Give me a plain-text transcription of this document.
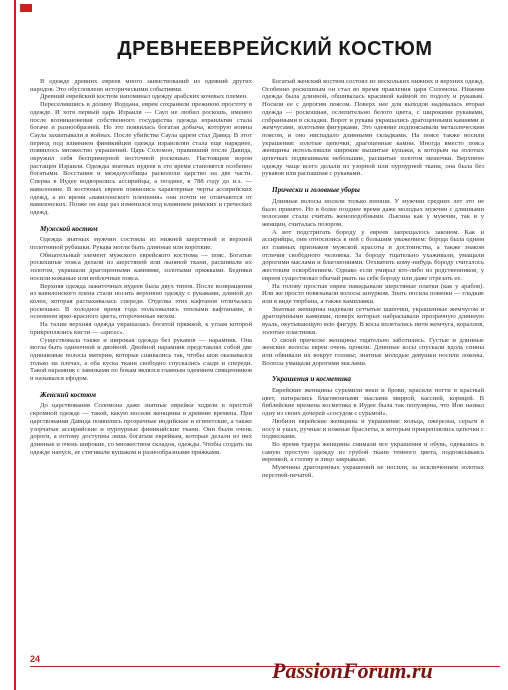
ДРЕВНЕЕВРЕЙСКИЙ КОСТЮМ

В одежде древних евреев много заимствований из одеяний других народов. Это обусловлено историческими событиями.

Древний еврейский костюм напоминал одежду арабских кочевых племен.

Переселившись в долину Иордана, евреи сохранили прежнюю простоту в одежде. И хотя первый царь Израиля — Саул не любил роскошь, именно после возникновения собственного государства одежда израильтян стала богаче и разнообразней. Но это появилась богатая добыча, которую воины Саула захватывали в войнах. После убийства Саула царем стал Давид. В этот период под влиянием финикийцев одежда израильтян стала еще наряднее, появилось множество украшений. Царь Соломон, правивший после Давида, окружил себя беспримерной восточной роскошью. Настоящим вором растащен Израиля. Одежды знатных иудеев в это время становятся особенно богатыми. Восстания и междоусобицы раскололи царство на две части. Сперва в Иудее водворились ассирийцы, а позднее, в 788 году до н.э. — вавилоняне. В костюмах евреев появились характерные черты ассирийских одежд, а во время «вавилонского пленения» они почти не отличаются от вавилонских. Позже он еще раз изменился под влиянием римских и греческих одежд.

Мужской костюм

Одежда знатных мужчин состояла из нижней шерстяной и верхней полотняной рубашки. Рукава могли быть длинные или короткие.

Обязательный элемент мужского еврейского костюма — пояс. Богатые роскошные пояса делали из шерстяной или льняной ткани, расшивали их золотом, украшали драгоценными камнями, золотыми пряжками. Бедняки носили кожаные или войлочные пояса.

Верхняя одежда зажиточных иудеев была двух типов. После возвращения из вавилонского плена стали носить верхнюю одежду с рукавами, длиной до колен, которая распахивалась спереди. Отделка этих кафтанов отличалась роскошью. В холодное время года пользовались теплыми кафтанами, в основном ярко-красного цвета, отороченные мехом.

На талии верхняя одежда украшалась богатой пряжкой, к углам которой прикреплялись кисти — «цисес».

Существовала также и широкая одежда без рукавов — нарамник. Она могла быть одиночной и двойной. Двойной нарамник представлял собой две одинаковые полосы материи, которые сшивались так, чтобы шов оказывался только на плечах, а оба куска ткани свободно спускались сзади и спереди. Такой нарамник с завязками по бокам являлся главным одеянием священников и назывался ефодом.

Женский костюм

До царствования Соломона даже знатные еврейки ходили в простой скромной одежде — такой, какую носили женщины в древние времена. При царствовании Давида появились прозрачные индийские и египетские, а также узорчатые ассирийские и пурпурные финикийские ткани. Они были очень дороги, а потому доступны лишь богатым еврейкам, которые делали из них длинные и очень широкие, со множеством складок, одежды. Чтобы создать на одежде напуск, ее стягивали кушаком и разнообразными пряжками.

Богатый женский костюм состоял из нескольких нижних и верхних одежд. Особенно роскошным он стал во время правления царя Соломона. Нижняя одежда была длинной, обшивалась красивой каймой по подолу и рукавам. Носили ее с дорогим поясом. Поверх нее для выходов надевалась вторая одежда — роскошная, ослепительно белого цвета, с широкими рукавами, собранными в складки. Ворот и рукава украшались драгоценными камнями и жемчугами, золотыми фигурками. Это одеяние подпоясывали металлическим поясом, и оно ниспадало длинными складками. На поясе также носили украшения: золотые цепочки, драгоценные камни. Иногда вместо пояса женщины использовали широкие вышитые кушаки, к которым на золотых цепочках подвешивали небольшие, расшитые золотом мешочки. Верхнюю одежду чаще всего делали из узорной или пурпурной ткани, она была без рукавов или распашная с рукавами.

Прически и головные уборы

Длинные волосы носили только юноши. У мужчин средних лет это не было принято. Но в более позднее время даже молодых мужчин с длинными волосами стали считать женоподобными. Лысина как у мужчин, так и у женщин, считалась позором.

А вот подстригать бороду у евреев запрещалось законом. Как и ассирийцы, они относились к ней с большим уважением: борода была одним из главных признаков мужской красоты и достоинства, а также знаком отличия свободного человека. За бороду тщательно ухаживали, умащали дорогими маслами и благовониями. Отхватить кому-нибудь бороду считалось жестоким оскорблением. Однако если умирал кто-либо из родственников, у евреев существовал обычай рвать на себе бороду или даже отрезать ее.

На голову простые евреи накидывали шерстяные платки (как у арабов). Или же просто повязывали волосы шнурком. Знать носила повязки — гладкие или в виде тюрбана, а также камилавки.

Знатные женщины надевали сетчатые шапочки, украшенные жемчугом и драгоценными камнями, поверх которых набрасывали прозрачную длинную вуаль, окутывающую всю фигуру. В косы вплетались нити жемчуга, кораллов, золотые пластинки.

О своей прическе женщины тщательно заботились. Густые и длинные женские волосы евреи очень ценили. Длинные косы спускали вдоль спины или обвивали их вокруг головы; знатные молодые девушки носили локоны. Волосы умащали дорогими маслами.

Украшения и косметика

Еврейские женщины сурьмили веки и брови, красили ногти в красный цвет, натирались благовонными маслами миррой, кассией, корицей. В библейские времена косметика в Иудее была так популярна, что Иов назвал одну из своих дочерей «сосудом с сурьмой».

Любили еврейские женщины и украшения: кольца, ожерелья, серьги в носу и ушах, ручные и ножные браслеты, к которым прикреплялись цепочки с подвесками.

Во время траура женщины снимали все украшения и обувь, одевались в самую простую одежду из грубой ткани темного цвета, подпоясываясь веревкой, а голову и лицо закрывали.

Мужчины драгоценных украшений не носили, за исключением золотых перстней-печатей.

24	PassionForum.ru
